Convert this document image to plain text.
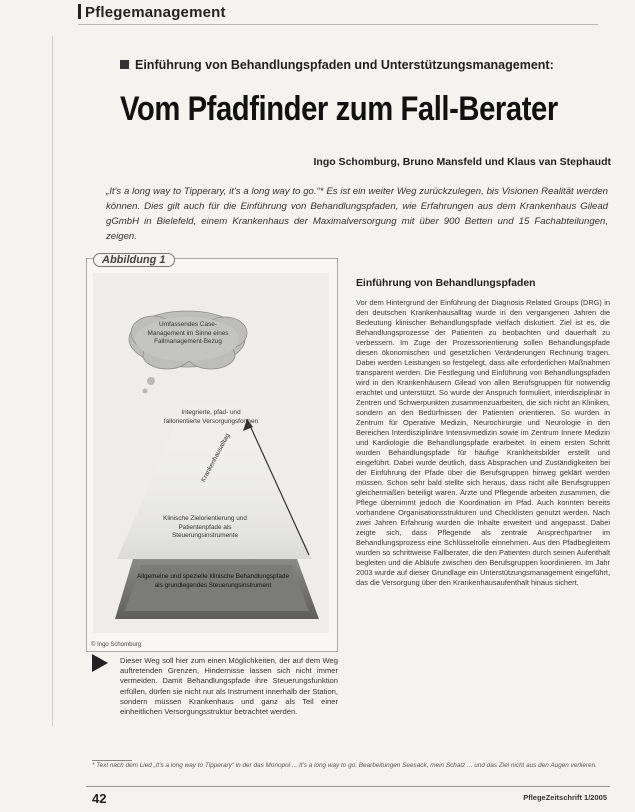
Pflegemanagement
Einführung von Behandlungspfaden und Unterstützungsmanagement:
Vom Pfadfinder zum Fall-Berater
Ingo Schomburg, Bruno Mansfeld und Klaus van Stephaudt
„It's a long way to Tipperary, it's a long way to go.“* Es ist ein weiter Weg zurückzulegen, bis Visionen Realität werden können. Dies gilt auch für die Einführung von Behandlungspfaden, wie Erfahrungen aus dem Krankenhaus Gilead gGmbH in Bielefeld, einem Krankenhaus der Maximalversorgung mit über 900 Betten und 15 Fachabteilungen, zeigen.
Abbildung 1
Umfassendes Case-Management im Sinne eines Fallmanagement-Bezug
Integrierte, pfad- und fallorientierte Versorgungsformen
Klinische Zielorientierung und Patientenpfade als Steuerungsinstrumente
Allgemeine und spezielle klinische Behandlungspfade als grundlegendes Steuerungsinstrument
© Ingo Schomburg
Krankenhausalltag
Dieser Weg soll hier zum einen Möglichkeiten, der auf dem Weg auftretenden Grenzen, Hindernisse lassen sich nicht immer vermeiden. Damit Behandlungspfade ihre Steuerungsfunktion erfüllen, dürfen sie nicht nur als Instrument innerhalb der Station, sondern müssen Krankenhaus und ganz als Teil einer einheitlichen Versorgungsstruktur betrachtet werden.
Einführung von Behandlungspfaden
Vor dem Hintergrund der Einführung der Diagnosis Related Groups (DRG) in den deutschen Krankenhausalltag wurde in den vergangenen Jahren die Bedeutung klinischer Behandlungspfade vielfach diskutiert. Ziel ist es, die Behandlungsprozesse der Patienten zu beobachten und dauerhaft zu verbessern. Im Zuge der Prozessorientierung sollen Behandlungspfade diesen ökonomischen und gesetzlichen Veränderungen Rechnung tragen. Dabei werden Leistungen so festgelegt, dass alle erforderlichen Maßnahmen transparent werden. Die Festlegung und Einführung von Behandlungspfaden wird in den Krankenhäusern Gilead von allen Berufsgruppen für notwendig erachtet und unterstützt. So wurde der Anspruch formuliert, interdisziplinär in Zentren und Schwerpunkten zusammenzuarbeiten, die sich nicht an Kliniken, sondern an den Bedürfnissen der Patienten orientieren. So wurden in Zentrum für Operative Medizin, Neurochirurgie und Neurologie in den Bereichen Interdisziplinäre Intensivmedizin sowie im Zentrum Innere Medizin und Kardiologie die Behandlungspfade erarbeitet. In einem ersten Schritt wurden Behandlungspfade für häufige Krankheitsbilder erstellt und eingeführt. Dabei wurde deutlich, dass Absprachen und Zuständigkeiten bei der Einführung der Pfade über die Berufsgruppen hinweg geklärt werden müssen. Schon sehr bald stellte sich heraus, dass nicht alle Berufsgruppen gleichermaßen beteiligt waren. Ärzte und Pflegende arbeiten zusammen, die Pflege übernimmt jedoch die Koordination im Pfad. Auch konnten bereits vorhandene Organisationsstrukturen und Checklisten genutzt werden. Nach zwei Jahren Erfahrung wurden die Inhalte erweitert und angepasst. Dabei zeigte sich, dass Pflegende als zentrale Ansprechpartner im Behandlungsprozess eine Schlüsselrolle einnehmen. Aus den Pfadbegleitern wurden so schrittweise Fallberater, die den Patienten durch seinen Aufenthalt begleiten und die Abläufe zwischen den Berufsgruppen koordinieren. Im Jahr 2003 wurde auf dieser Grundlage ein Unterstützungsmanagement eingeführt, das die Versorgung über den Krankenhausaufenthalt hinaus sichert.
* Text nach dem Lied „It's a long way to Tipperary“ in der das Monopol ... It's a long way to go. Bearbeitungen Seesack, mein Schatz ... und das Ziel nicht aus den Augen verlieren.
42	PflegeZeitschrift 1/2005
